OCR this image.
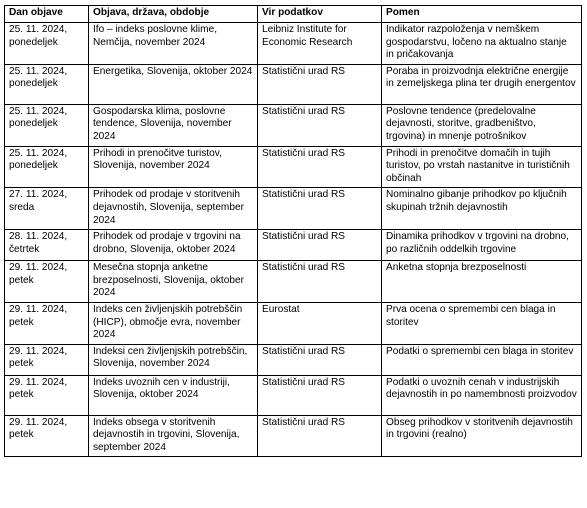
Dan objave	Objava, država, obdobje	Vir podatkov	Pomen

25. 11. 2024,
ponedeljek	Ifo – indeks poslovne klime, Nemčija, november 2024	Leibniz Institute for Economic Research	Indikator razpoloženja v nemškem gospodarstvu, ločeno na aktualno stanje in pričakovanja

25. 11. 2024,
ponedeljek	Energetika, Slovenija, oktober 2024	Statistični urad RS	Poraba in proizvodnja električne energije in zemeljskega plina ter drugih energentov

25. 11. 2024,
ponedeljek	Gospodarska klima, poslovne tendence, Slovenija, november 2024	Statistični urad RS	Poslovne tendence (predelovalne dejavnosti, storitve, gradbeništvo, trgovina) in mnenje potrošnikov

25. 11. 2024,
ponedeljek	Prihodi in prenočitve turistov, Slovenija, november 2024	Statistični urad RS	Prihodi in prenočitve domačih in tujih turistov, po vrstah nastanitve in turističnih občinah

27. 11. 2024,
sreda	Prihodek od prodaje v storitvenih dejavnostih, Slovenija, september 2024	Statistični urad RS	Nominalno gibanje prihodkov po ključnih skupinah tržnih dejavnostih

28. 11. 2024,
četrtek	Prihodek od prodaje v trgovini na drobno, Slovenija, oktober 2024	Statistični urad RS	Dinamika prihodkov v trgovini na drobno, po različnih oddelkih trgovine

29. 11. 2024,
petek	Mesečna stopnja anketne brezposelnosti, Slovenija, oktober 2024	Statistični urad RS	Anketna stopnja brezposelnosti

29. 11. 2024,
petek	Indeks cen življenjskih potrebščin (HICP), območje evra, november 2024	Eurostat	Prva ocena o spremembi cen blaga in storitev

29. 11. 2024,
petek	Indeksi cen življenjskih potrebščin, Slovenija, november 2024	Statistični urad RS	Podatki o spremembi cen blaga in storitev

29. 11. 2024,
petek	Indeks uvoznih cen v industriji, Slovenija, oktober 2024	Statistični urad RS	Podatki o uvoznih cenah v industrijskih dejavnostih in po namembnosti proizvodov

29. 11. 2024,
petek	Indeks obsega v storitvenih dejavnostih in trgovini, Slovenija, september 2024	Statistični urad RS	Obseg prihodkov v storitvenih dejavnostih in trgovini (realno)
